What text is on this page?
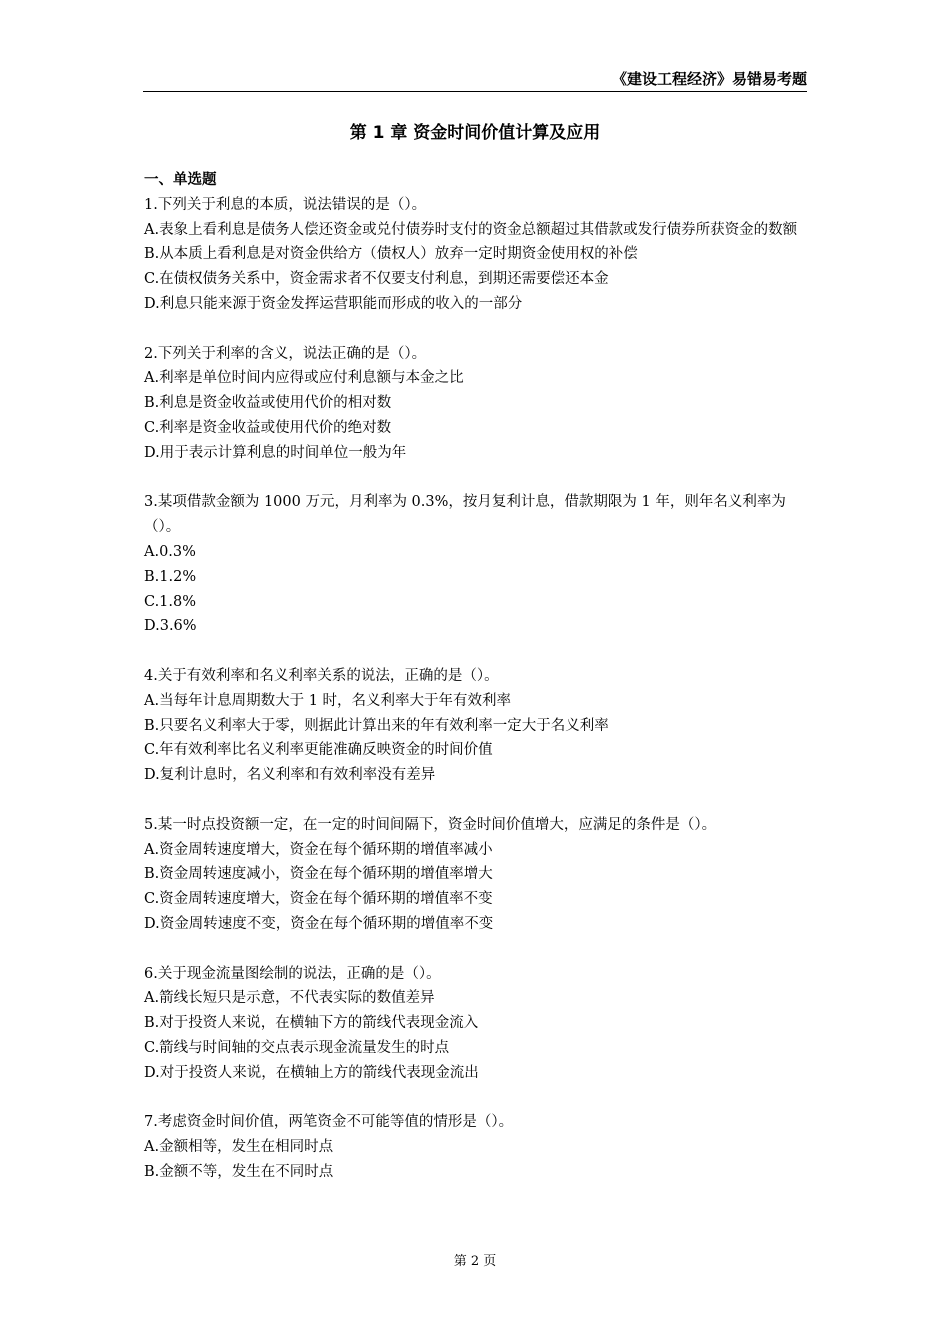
《建设工程经济》易错易考题
第 1 章 资金时间价值计算及应用
一、单选题

1.下列关于利息的本质，说法错误的是（）。

A.表象上看利息是债务人偿还资金或兑付债券时支付的资金总额超过其借款或发行债券所获资金的数额

B.从本质上看利息是对资金供给方（债权人）放弃一定时期资金使用权的补偿

C.在债权债务关系中，资金需求者不仅要支付利息，到期还需要偿还本金

D.利息只能来源于资金发挥运营职能而形成的收入的一部分

2.下列关于利率的含义，说法正确的是（）。

A.利率是单位时间内应得或应付利息额与本金之比

B.利息是资金收益或使用代价的相对数

C.利率是资金收益或使用代价的绝对数

D.用于表示计算利息的时间单位一般为年

3.某项借款金额为 1000 万元，月利率为 0.3%，按月复利计息，借款期限为 1 年，则年名义利率为（）。

A.0.3%

B.1.2%

C.1.8%

D.3.6%

4.关于有效利率和名义利率关系的说法，正确的是（）。

A.当每年计息周期数大于 1 时，名义利率大于年有效利率

B.只要名义利率大于零，则据此计算出来的年有效利率一定大于名义利率

C.年有效利率比名义利率更能准确反映资金的时间价值

D.复利计息时，名义利率和有效利率没有差异

5.某一时点投资额一定，在一定的时间间隔下，资金时间价值增大，应满足的条件是（）。

A.资金周转速度增大，资金在每个循环期的增值率减小

B.资金周转速度减小，资金在每个循环期的增值率增大

C.资金周转速度增大，资金在每个循环期的增值率不变

D.资金周转速度不变，资金在每个循环期的增值率不变

6.关于现金流量图绘制的说法，正确的是（）。

A.箭线长短只是示意，不代表实际的数值差异

B.对于投资人来说，在横轴下方的箭线代表现金流入

C.箭线与时间轴的交点表示现金流量发生的时点

D.对于投资人来说，在横轴上方的箭线代表现金流出

7.考虑资金时间价值，两笔资金不可能等值的情形是（）。

A.金额相等，发生在相同时点

B.金额不等，发生在不同时点

第 2 页
